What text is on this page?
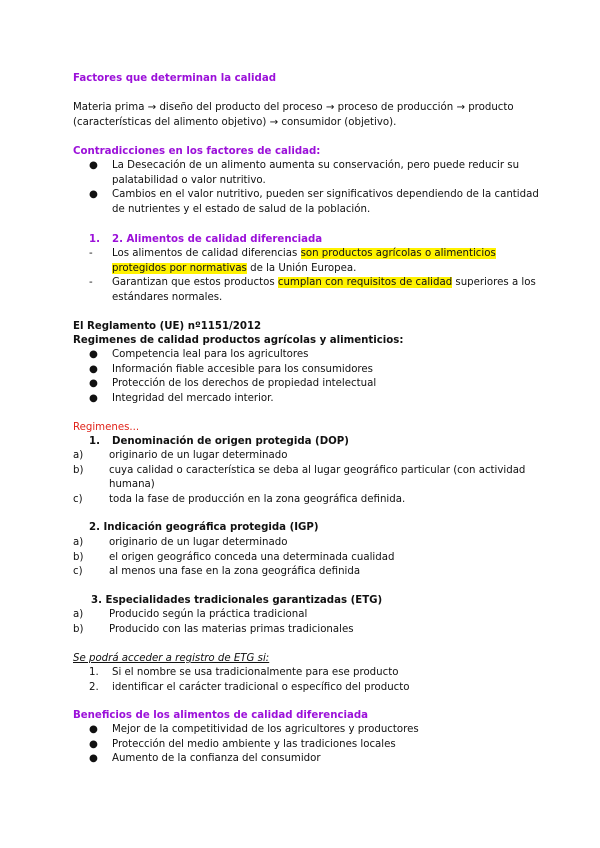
Factores que determinan la calidad
Materia prima → diseño del producto del proceso → proceso de producción → producto
(características del alimento objetivo) → consumidor (objetivo).
Contradicciones en los factores de calidad:
●	La Desecación de un alimento aumenta su conservación, pero puede reducir su
palatabilidad o valor nutritivo.
●	Cambios en el valor nutritivo, pueden ser significativos dependiendo de la cantidad
de nutrientes y el estado de salud de la población.
1.	2. Alimentos de calidad diferenciada
-	Los alimentos de calidad diferencias son productos agrícolas o alimenticios
protegidos por normativas de la Unión Europea.
-	Garantizan que estos productos cumplan con requisitos de calidad superiores a los
estándares normales.
El Reglamento (UE) nº1151/2012
Regimenes de calidad productos agrícolas y alimenticios:
●	Competencia leal para los agricultores
●	Información fiable accesible para los consumidores
●	Protección de los derechos de propiedad intelectual
●	Integridad del mercado interior.
Regimenes...
1.	Denominación de origen protegida (DOP)
a)	originario de un lugar determinado
b)	cuya calidad o característica se deba al lugar geográfico particular (con actividad
humana)
c)	toda la fase de producción en la zona geográfica definida.
2. Indicación geográfica protegida (IGP)
a)	originario de un lugar determinado
b)	el origen geográfico conceda una determinada cualidad
c)	al menos una fase en la zona geográfica definida
3. Especialidades tradicionales garantizadas (ETG)
a)	Producido según la práctica tradicional
b)	Producido con las materias primas tradicionales
Se podrá acceder a registro de ETG si:
1.	Si el nombre se usa tradicionalmente para ese producto
2.	identificar el carácter tradicional o específico del producto
Beneficios de los alimentos de calidad diferenciada
●	Mejor de la competitividad de los agricultores y productores
●	Protección del medio ambiente y las tradiciones locales
●	Aumento de la confianza del consumidor
